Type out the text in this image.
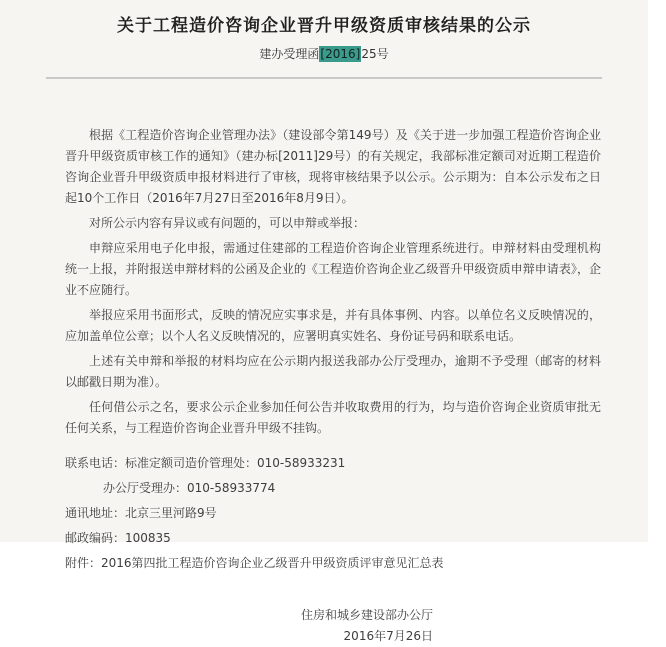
关于工程造价咨询企业晋升甲级资质审核结果的公示
建办受理函[2016]25号

根据《工程造价咨询企业管理办法》（建设部令第149号）及《关于进一步加强工程造价咨询企业晋升甲级资质审核工作的通知》（建办标[2011]29号）的有关规定，我部标准定额司对近期工程造价咨询企业晋升甲级资质申报材料进行了审核，现将审核结果予以公示。公示期为：自本公示发布之日起10个工作日（2016年7月27日至2016年8月9日）。

对所公示内容有异议或有问题的，可以申辩或举报：

申辩应采用电子化申报，需通过住建部的工程造价咨询企业管理系统进行。申辩材料由受理机构统一上报，并附报送申辩材料的公函及企业的《工程造价咨询企业乙级晋升甲级资质申辩申请表》，企业不应随行。

举报应采用书面形式，反映的情况应实事求是，并有具体事例、内容。以单位名义反映情况的，应加盖单位公章；以个人名义反映情况的，应署明真实姓名、身份证号码和联系电话。

上述有关申辩和举报的材料均应在公示期内报送我部办公厅受理办，逾期不予受理（邮寄的材料以邮戳日期为准）。

任何借公示之名，要求公示企业参加任何公告并收取费用的行为，均与造价咨询企业资质审批无任何关系，与工程造价咨询企业晋升甲级不挂钩。

联系电话：标准定额司造价管理处：010-58933231
办公厅受理办：010-58933774
通讯地址：北京三里河路9号
邮政编码：100835
附件：2016第四批工程造价咨询企业乙级晋升甲级资质评审意见汇总表
住房和城乡建设部办公厅
2016年7月26日
